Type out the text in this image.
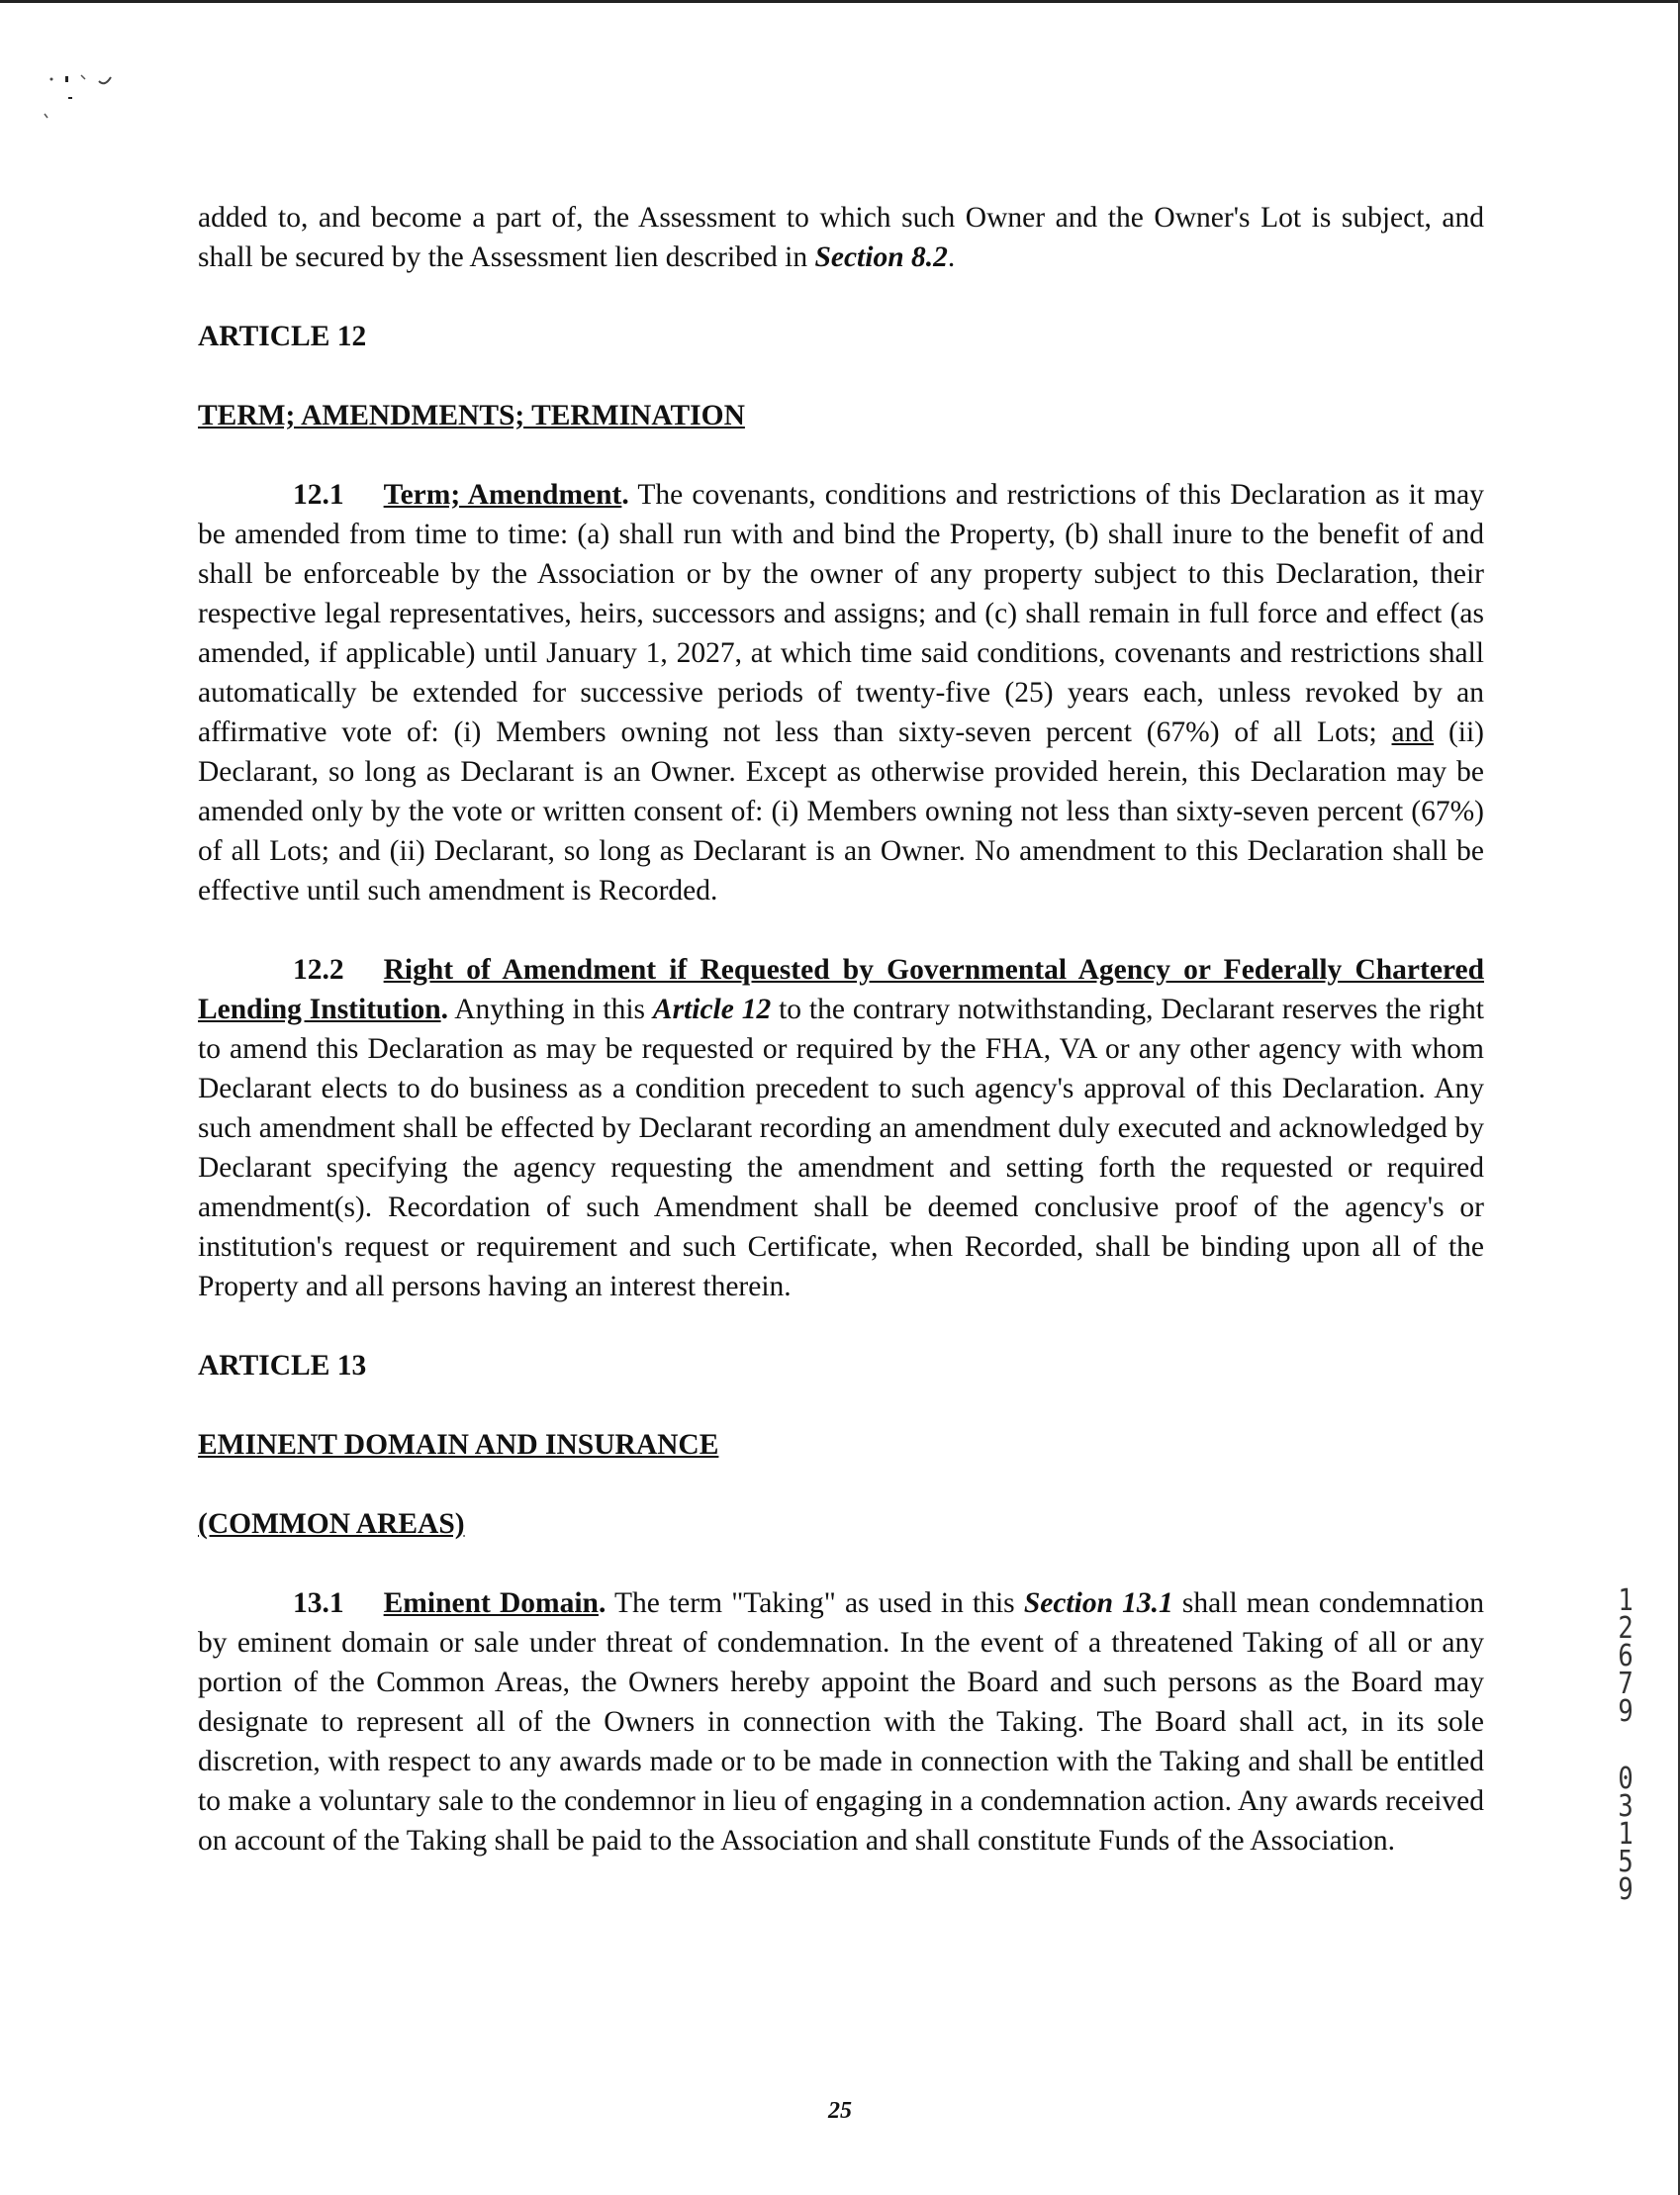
added to, and become a part of, the Assessment to which such Owner and the Owner's Lot is subject, and shall be secured by the Assessment lien described in Section 8.2.

ARTICLE 12

TERM; AMENDMENTS; TERMINATION

12.1 Term; Amendment. The covenants, conditions and restrictions of this Declaration as it may be amended from time to time: (a) shall run with and bind the Property, (b) shall inure to the benefit of and shall be enforceable by the Association or by the owner of any property subject to this Declaration, their respective legal representatives, heirs, successors and assigns; and (c) shall remain in full force and effect (as amended, if applicable) until January 1, 2027, at which time said conditions, covenants and restrictions shall automatically be extended for successive periods of twenty-five (25) years each, unless revoked by an affirmative vote of: (i) Members owning not less than sixty-seven percent (67%) of all Lots; and (ii) Declarant, so long as Declarant is an Owner. Except as otherwise provided herein, this Declaration may be amended only by the vote or written consent of: (i) Members owning not less than sixty-seven percent (67%) of all Lots; and (ii) Declarant, so long as Declarant is an Owner. No amendment to this Declaration shall be effective until such amendment is Recorded.

12.2 Right of Amendment if Requested by Governmental Agency or Federally Chartered Lending Institution. Anything in this Article 12 to the contrary notwithstanding, Declarant reserves the right to amend this Declaration as may be requested or required by the FHA, VA or any other agency with whom Declarant elects to do business as a condition precedent to such agency's approval of this Declaration. Any such amendment shall be effected by Declarant recording an amendment duly executed and acknowledged by Declarant specifying the agency requesting the amendment and setting forth the requested or required amendment(s). Recordation of such Amendment shall be deemed conclusive proof of the agency's or institution's request or requirement and such Certificate, when Recorded, shall be binding upon all of the Property and all persons having an interest therein.

ARTICLE 13

EMINENT DOMAIN AND INSURANCE

(COMMON AREAS)

13.1 Eminent Domain. The term "Taking" as used in this Section 13.1 shall mean condemnation by eminent domain or sale under threat of condemnation. In the event of a threatened Taking of all or any portion of the Common Areas, the Owners hereby appoint the Board and such persons as the Board may designate to represent all of the Owners in connection with the Taking. The Board shall act, in its sole discretion, with respect to any awards made or to be made in connection with the Taking and shall be entitled to make a voluntary sale to the condemnor in lieu of engaging in a condemnation action. Any awards received on account of the Taking shall be paid to the Association and shall constitute Funds of the Association.

1
2
6
7
9
0
3
1
5
9
25
